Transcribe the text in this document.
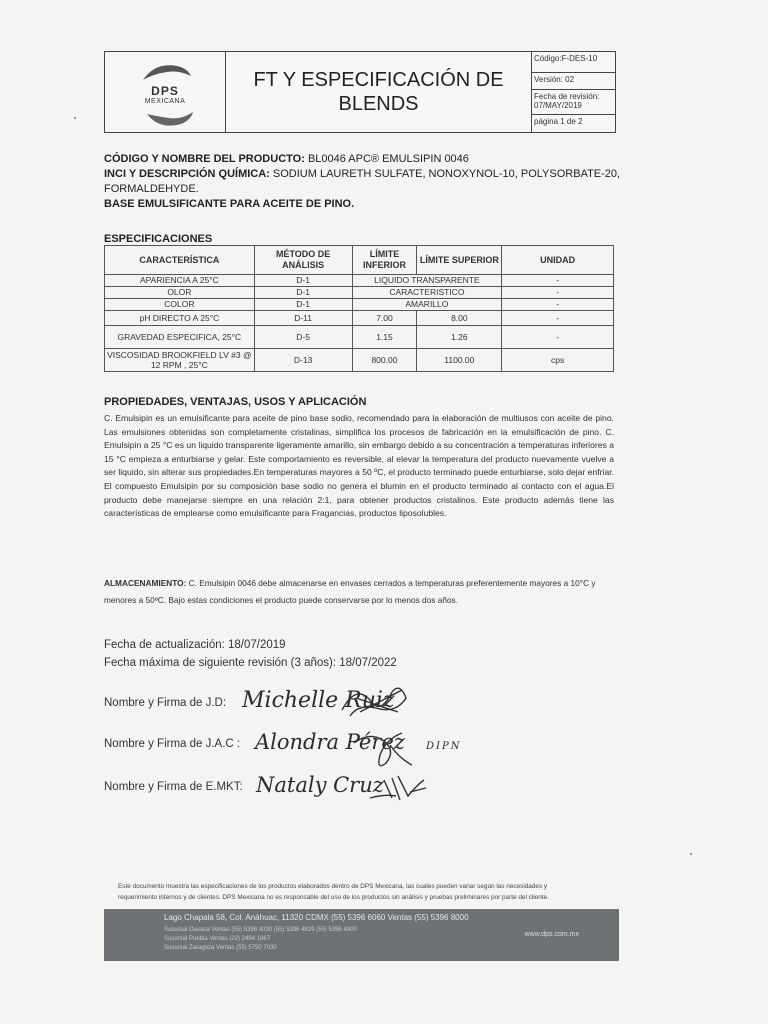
DPS
MEXICANA
FT Y ESPECIFICACIÓN DE
BLENDS
Código:F-DES-10
Versión: 02
Fecha de revisión: 07/MAY/2019
página 1 de 2
CÓDIGO Y NOMBRE DEL PRODUCTO: BL0046 APC® EMULSIPIN 0046
INCI Y DESCRIPCIÓN QUÍMICA: SODIUM LAURETH SULFATE, NONOXYNOL-10, POLYSORBATE-20, FORMALDEHYDE.
BASE EMULSIFICANTE PARA ACEITE DE PINO.
ESPECIFICACIONES
CARACTERÍSTICA	MÉTODO DE ANÁLISIS	LÍMITE INFERIOR	LÍMITE SUPERIOR	UNIDAD
APARIENCIA A 25°C	D-1	LIQUIDO TRANSPARENTE		-
OLOR	D-1	CARACTERISTICO		-
COLOR	D-1	AMARILLO		-
pH DIRECTO A 25°C	D-11	7.00	8.00	-
GRAVEDAD ESPECIFICA, 25°C	D-5	1.15	1.26	-
VISCOSIDAD BROOKFIELD LV #3 @ 12 RPM , 25°C	D-13	800.00	1100.00	cps
PROPIEDADES, VENTAJAS, USOS Y APLICACIÓN
C. Emulsipin es un emulsificante para aceite de pino base sodio, recomendado para la elaboración de multiusos con aceite de pino. Las emulsiones obtenidas son completamente cristalinas, simplifica los procesos de fabricación en la emulsificación de pino. C. Emulsipin a 25 °C es un liquido transparente ligeramente amarillo, sin embargo debido a su concentración a temperaturas inferiores a 15 °C empieza a enturbiarse y gelar. Este comportamiento es reversible, al elevar la temperatura del producto nuevamente vuelve a ser liquido, sin alterar sus propiedades.En temperaturas mayores a 50 ºC, el producto terminado puede enturbiarse, solo dejar enfriar. El compuesto Emulsipin por su composición base sodio no genera el blumin en el producto terminado al contacto con el agua.El producto debe manejarse siempre en una relación 2:1, para obtener productos cristalinos. Este producto además tiene las características de emplearse como emulsificante para Fragancias, productos liposolubles.
ALMACENAMIENTO: C. Emulsipin 0046 debe almacenarse en envases cerrados a temperaturas preferentemente mayores a 10°C y menores a 50ºC. Bajo estas condiciones el producto puede conservarse por lo menos dos años.
Fecha de actualización: 18/07/2019
Fecha máxima de siguiente revisión (3 años): 18/07/2022
Nombre y Firma de J.D: Michelle Ruiz
Nombre y Firma de J.A.C : Alondra Pérez DIPN
Nombre y Firma de E.MKT: Nataly Cruz
Este documento muestra las especificaciones de los productos elaborados dentro de DPS Mexicana, las cuales pueden variar según las necesidades y
requerimiento internos y de clientes. DPS Mexicana no es responsable del uso de los productos sin análisis y pruebas preliminares por parte del cliente.
Lago Chapala 58, Col. Anáhuac, 11320 CDMX (55) 5396 6060 Ventas (55) 5396 8000
Sucursal Oaxaca Ventas (55) 5396 4030 (55) 5396 4829 (55) 5396 4000
Sucursal Puebla Ventas (22) 2494 1867
Sucursal Zaragoza Ventas (55) 5750 7030
www.dps.com.mx
